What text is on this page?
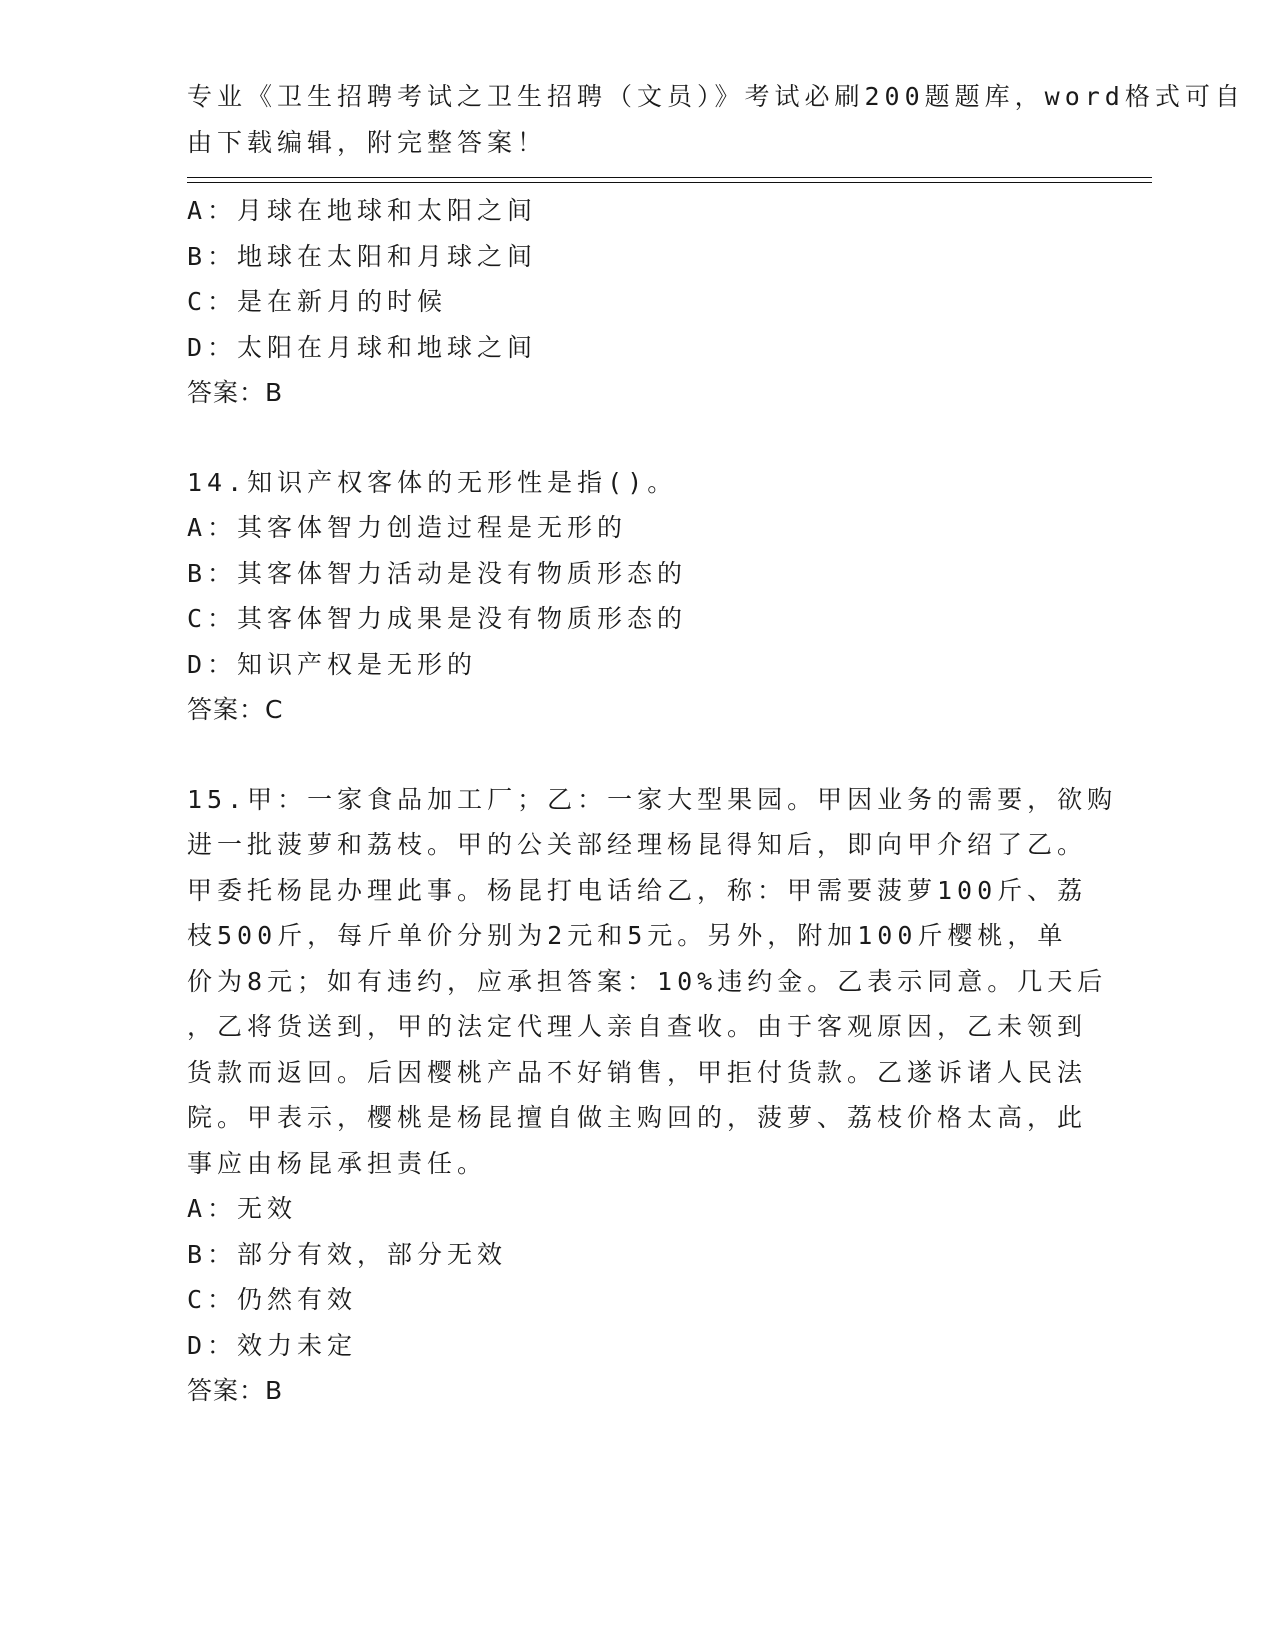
专业《卫生招聘考试之卫生招聘（文员）》考试必刷200题题库，word格式可自
由下载编辑，附完整答案！
A：月球在地球和太阳之间
B：地球在太阳和月球之间
C：是在新月的时候
D：太阳在月球和地球之间
答案：B
14.知识产权客体的无形性是指()。
A：其客体智力创造过程是无形的
B：其客体智力活动是没有物质形态的
C：其客体智力成果是没有物质形态的
D：知识产权是无形的
答案：C
15.甲：一家食品加工厂；乙：一家大型果园。甲因业务的需要，欲购
进一批菠萝和荔枝。甲的公关部经理杨昆得知后，即向甲介绍了乙。
甲委托杨昆办理此事。杨昆打电话给乙，称：甲需要菠萝100斤、荔
枝500斤，每斤单价分别为2元和5元。另外，附加100斤樱桃，单
价为8元；如有违约，应承担答案：10%违约金。乙表示同意。几天后
，乙将货送到，甲的法定代理人亲自查收。由于客观原因，乙未领到
货款而返回。后因樱桃产品不好销售，甲拒付货款。乙遂诉诸人民法
院。甲表示，樱桃是杨昆擅自做主购回的，菠萝、荔枝价格太高，此
事应由杨昆承担责任。
A：无效
B：部分有效，部分无效
C：仍然有效
D：效力未定
答案：B
